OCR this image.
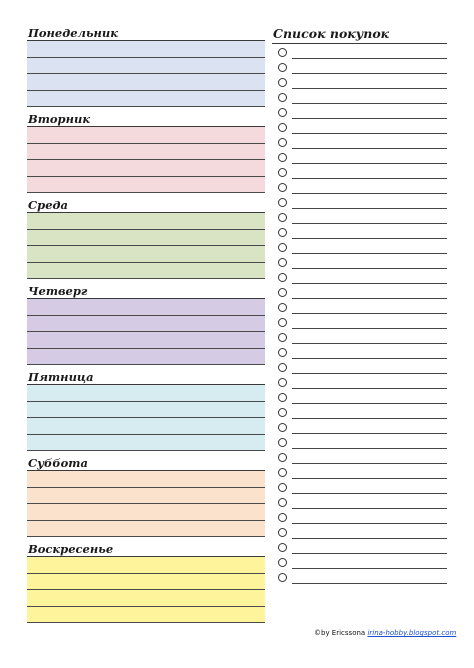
Понедельник
Вторник
Среда
Четверг
Пятница
Суббота
Воскресенье
Список покупок
©by Ericssona irina-hobby.blogspot.com
